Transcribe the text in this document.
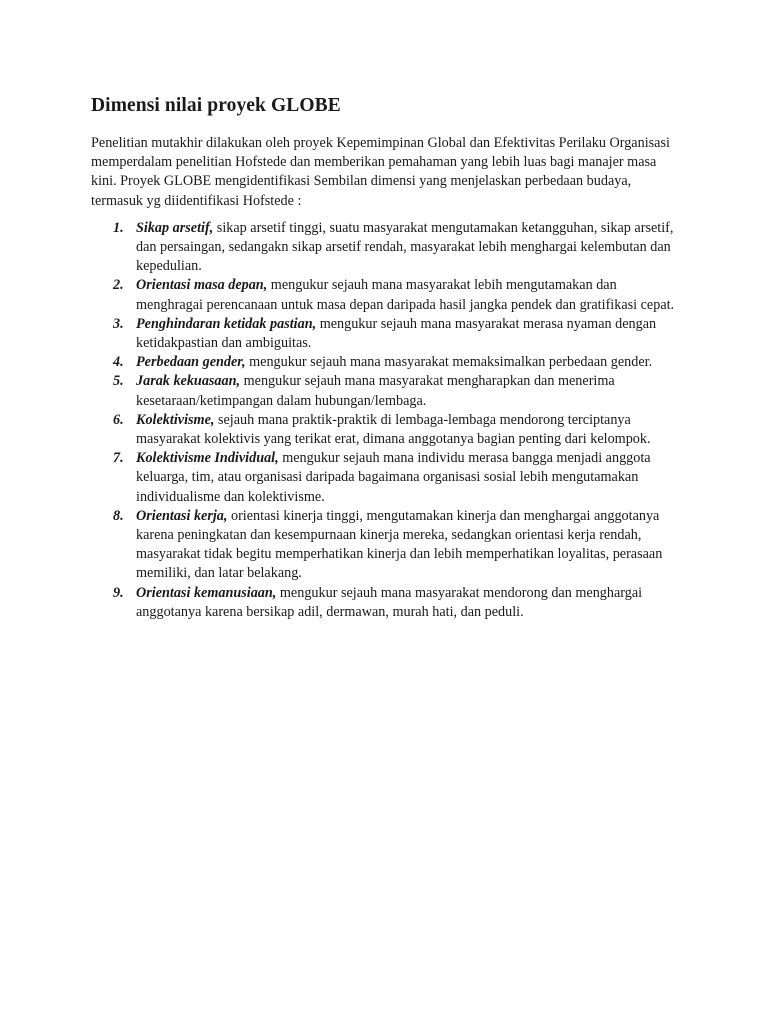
Dimensi nilai proyek GLOBE

Penelitian mutakhir dilakukan oleh proyek Kepemimpinan Global dan Efektivitas Perilaku Organisasi memperdalam penelitian Hofstede dan memberikan pemahaman yang lebih luas bagi manajer masa kini. Proyek GLOBE mengidentifikasi Sembilan dimensi yang menjelaskan perbedaan budaya, termasuk yg diidentifikasi Hofstede :

1. Sikap arsetif, sikap arsetif tinggi, suatu masyarakat mengutamakan ketangguhan, sikap arsetif, dan persaingan, sedangakn sikap arsetif rendah, masyarakat lebih menghargai kelembutan dan kepedulian.
2. Orientasi masa depan, mengukur sejauh mana masyarakat lebih mengutamakan dan menghragai perencanaan untuk masa depan daripada hasil jangka pendek dan gratifikasi cepat.
3. Penghindaran ketidak pastian, mengukur sejauh mana masyarakat merasa nyaman dengan ketidakpastian dan ambiguitas.
4. Perbedaan gender, mengukur sejauh mana masyarakat memaksimalkan perbedaan gender.
5. Jarak kekuasaan, mengukur sejauh mana masyarakat mengharapkan dan menerima kesetaraan/ketimpangan dalam hubungan/lembaga.
6. Kolektivisme, sejauh mana praktik-praktik di lembaga-lembaga mendorong terciptanya masyarakat kolektivis yang terikat erat, dimana anggotanya bagian penting dari kelompok.
7. Kolektivisme Individual, mengukur sejauh mana individu merasa bangga menjadi anggota keluarga, tim, atau organisasi daripada bagaimana organisasi sosial lebih mengutamakan individualisme dan kolektivisme.
8. Orientasi kerja, orientasi kinerja tinggi, mengutamakan kinerja dan menghargai anggotanya karena peningkatan dan kesempurnaan kinerja mereka, sedangkan orientasi kerja rendah, masyarakat tidak begitu memperhatikan kinerja dan lebih memperhatikan loyalitas, perasaan memiliki, dan latar belakang.
9. Orientasi kemanusiaan, mengukur sejauh mana masyarakat mendorong dan menghargai anggotanya karena bersikap adil, dermawan, murah hati, dan peduli.
